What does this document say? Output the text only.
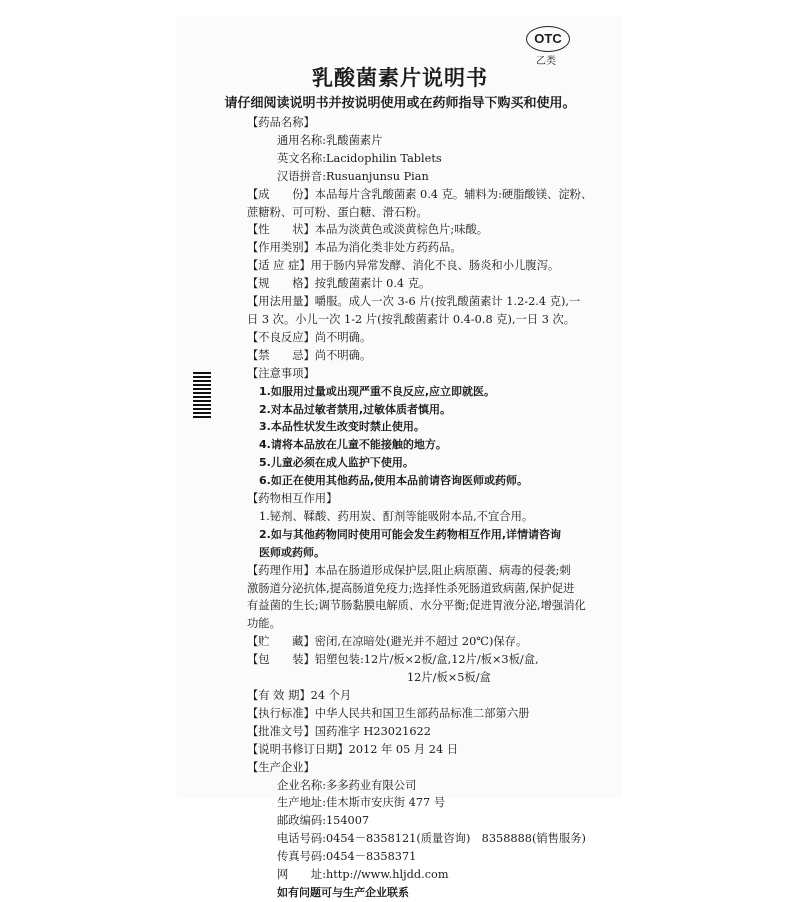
OTC
乙类
乳酸菌素片说明书
请仔细阅读说明书并按说明使用或在药师指导下购买和使用。
【药品名称】
通用名称:乳酸菌素片
英文名称:Lacidophilin Tablets
汉语拼音:Rusuanjunsu Pian
【成　　份】本品每片含乳酸菌素 0.4 克。辅料为:硬脂酸镁、淀粉、
蔗糖粉、可可粉、蛋白糖、滑石粉。
【性　　状】本品为淡黄色或淡黄棕色片;味酸。
【作用类别】本品为消化类非处方药药品。
【适 应 症】用于肠内异常发酵、消化不良、肠炎和小儿腹泻。
【规　　格】按乳酸菌素计 0.4 克。
【用法用量】嚼服。成人一次 3-6 片(按乳酸菌素计 1.2-2.4 克),一
日 3 次。小儿一次 1-2 片(按乳酸菌素计 0.4-0.8 克),一日 3 次。
【不良反应】尚不明确。
【禁　　忌】尚不明确。
【注意事项】
1.如服用过量或出现严重不良反应,应立即就医。
2.对本品过敏者禁用,过敏体质者慎用。
3.本品性状发生改变时禁止使用。
4.请将本品放在儿童不能接触的地方。
5.儿童必须在成人监护下使用。
6.如正在使用其他药品,使用本品前请咨询医师或药师。
【药物相互作用】
1.铋剂、鞣酸、药用炭、酊剂等能吸附本品,不宜合用。
2.如与其他药物同时使用可能会发生药物相互作用,详情请咨询
医师或药师。
【药理作用】本品在肠道形成保护层,阻止病原菌、病毒的侵袭;刺
激肠道分泌抗体,提高肠道免疫力;选择性杀死肠道致病菌,保护促进
有益菌的生长;调节肠黏膜电解质、水分平衡;促进胃液分泌,增强消化
功能。
【贮　　藏】密闭,在凉暗处(避光并不超过 20℃)保存。
【包　　装】铝塑包装:12片/板×2板/盒,12片/板×3板/盒,
12片/板×5板/盒
【有 效 期】24 个月
【执行标准】中华人民共和国卫生部药品标准二部第六册
【批准文号】国药准字 H23021622
【说明书修订日期】2012 年 05 月 24 日
【生产企业】
企业名称:多多药业有限公司
生产地址:佳木斯市安庆街 477 号
邮政编码:154007
电话号码:0454－8358121(质量咨询)　8358888(销售服务)
传真号码:0454－8358371
网　　址:http://www.hljdd.com
如有问题可与生产企业联系
